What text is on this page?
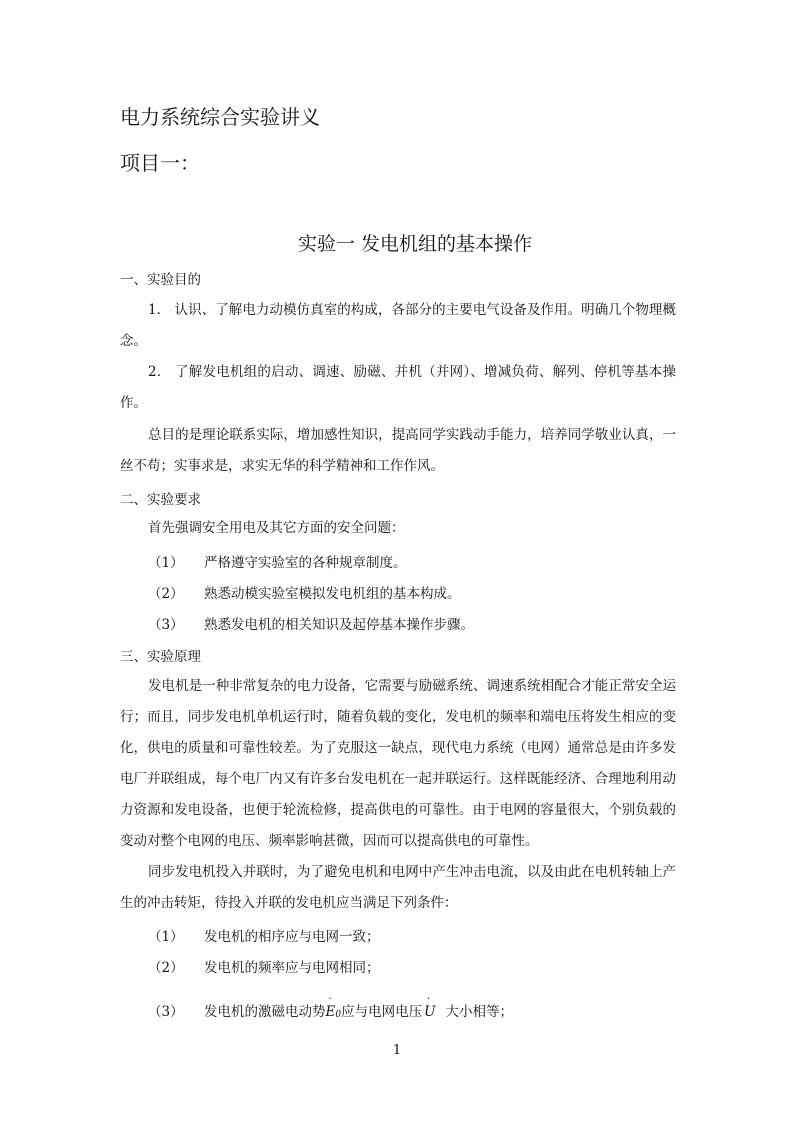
电力系统综合实验讲义
项目一：
实验一 发电机组的基本操作
一、实验目的
1． 认识、了解电力动模仿真室的构成，各部分的主要电气设备及作用。明确几个物理概念。
2． 了解发电机组的启动、调速、励磁、并机（并网）、增减负荷、解列、停机等基本操作。
总目的是理论联系实际，增加感性知识，提高同学实践动手能力，培养同学敬业认真，一丝不苟；实事求是，求实无华的科学精神和工作作风。
二、实验要求
首先强调安全用电及其它方面的安全问题：
（1） 严格遵守实验室的各种规章制度。
（2） 熟悉动模实验室模拟发电机组的基本构成。
（3） 熟悉发电机的相关知识及起停基本操作步骤。
三、实验原理
发电机是一种非常复杂的电力设备，它需要与励磁系统、调速系统相配合才能正常安全运行；而且，同步发电机单机运行时，随着负载的变化，发电机的频率和端电压将发生相应的变化，供电的质量和可靠性较差。为了克服这一缺点，现代电力系统（电网）通常总是由许多发电厂并联组成，每个电厂内又有许多台发电机在一起并联运行。这样既能经济、合理地利用动力资源和发电设备，也便于轮流检修，提高供电的可靠性。由于电网的容量很大，个别负载的变动对整个电网的电压、频率影响甚微，因而可以提高供电的可靠性。
同步发电机投入并联时，为了避免电机和电网中产生冲击电流，以及由此在电机转轴上产生的冲击转矩，待投入并联的发电机应当满足下列条件：
（1） 发电机的相序应与电网一致；
（2） 发电机的频率应与电网相同；
（3） 发电机的激磁电动势
·
E0应与电网电压
·
U 大小相等；
1
